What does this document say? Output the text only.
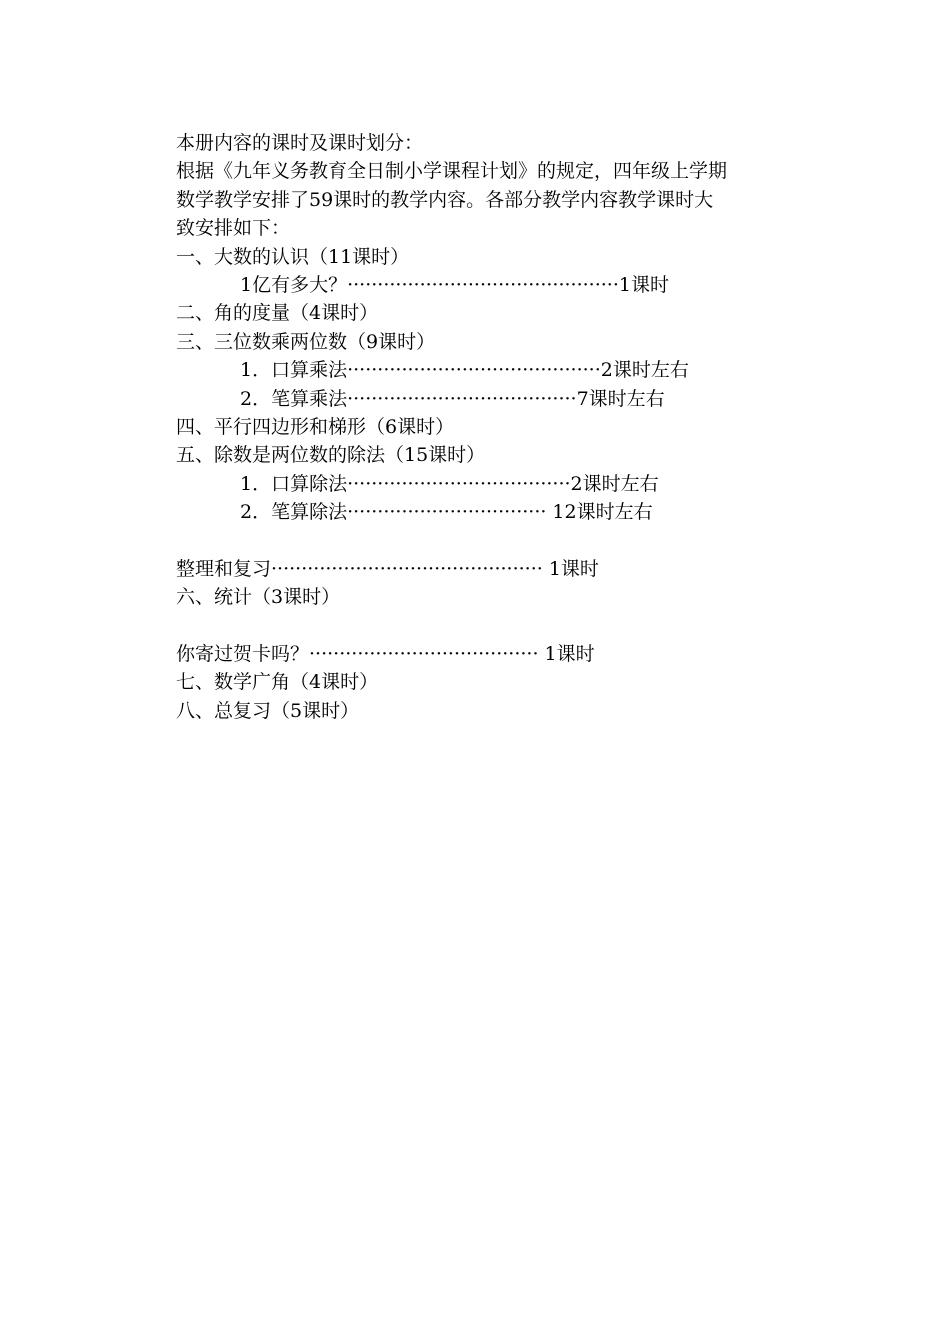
本册内容的课时及课时划分：
根据《九年义务教育全日制小学课程计划》的规定，四年级上学期
数学教学安排了59课时的教学内容。各部分教学内容教学课时大
致安排如下：
一、大数的认识（11课时）
1亿有多大？·············································1课时
二、角的度量（4课时）
三、三位数乘两位数（9课时）
1．口算乘法··········································2课时左右
2．笔算乘法······································7课时左右
四、平行四边形和梯形（6课时）
五、除数是两位数的除法（15课时）
1．口算除法·····································2课时左右
2．笔算除法································· 12课时左右
整理和复习············································· 1课时
六、统计（3课时）
你寄过贺卡吗？······································ 1课时
七、数学广角（4课时）
八、总复习（5课时）
